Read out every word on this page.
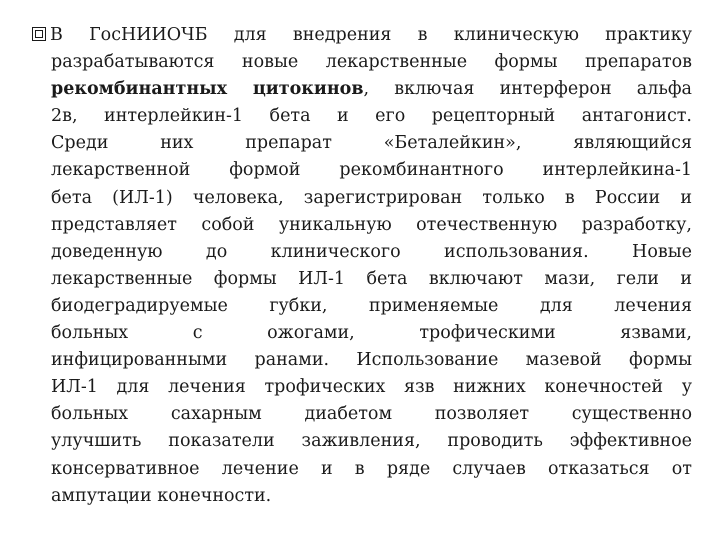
В ГосНИИОЧБ для внедрения в клиническую практику
разрабатываются новые лекарственные формы препаратов
рекомбинантных цитокинов, включая интерферон альфа
2в, интерлейкин-1 бета и его рецепторный антагонист.
Среди них препарат «Беталейкин», являющийся
лекарственной формой рекомбинантного интерлейкина-1
бета (ИЛ-1) человека, зарегистрирован только в России и
представляет собой уникальную отечественную разработку,
доведенную до клинического использования. Новые
лекарственные формы ИЛ-1 бета включают мази, гели и
биодеградируемые губки, применяемые для лечения
больных с ожогами, трофическими язвами,
инфицированными ранами. Использование мазевой формы
ИЛ-1 для лечения трофических язв нижних конечностей у
больных сахарным диабетом позволяет существенно
улучшить показатели заживления, проводить эффективное
консервативное лечение и в ряде случаев отказаться от
ампутации конечности.
